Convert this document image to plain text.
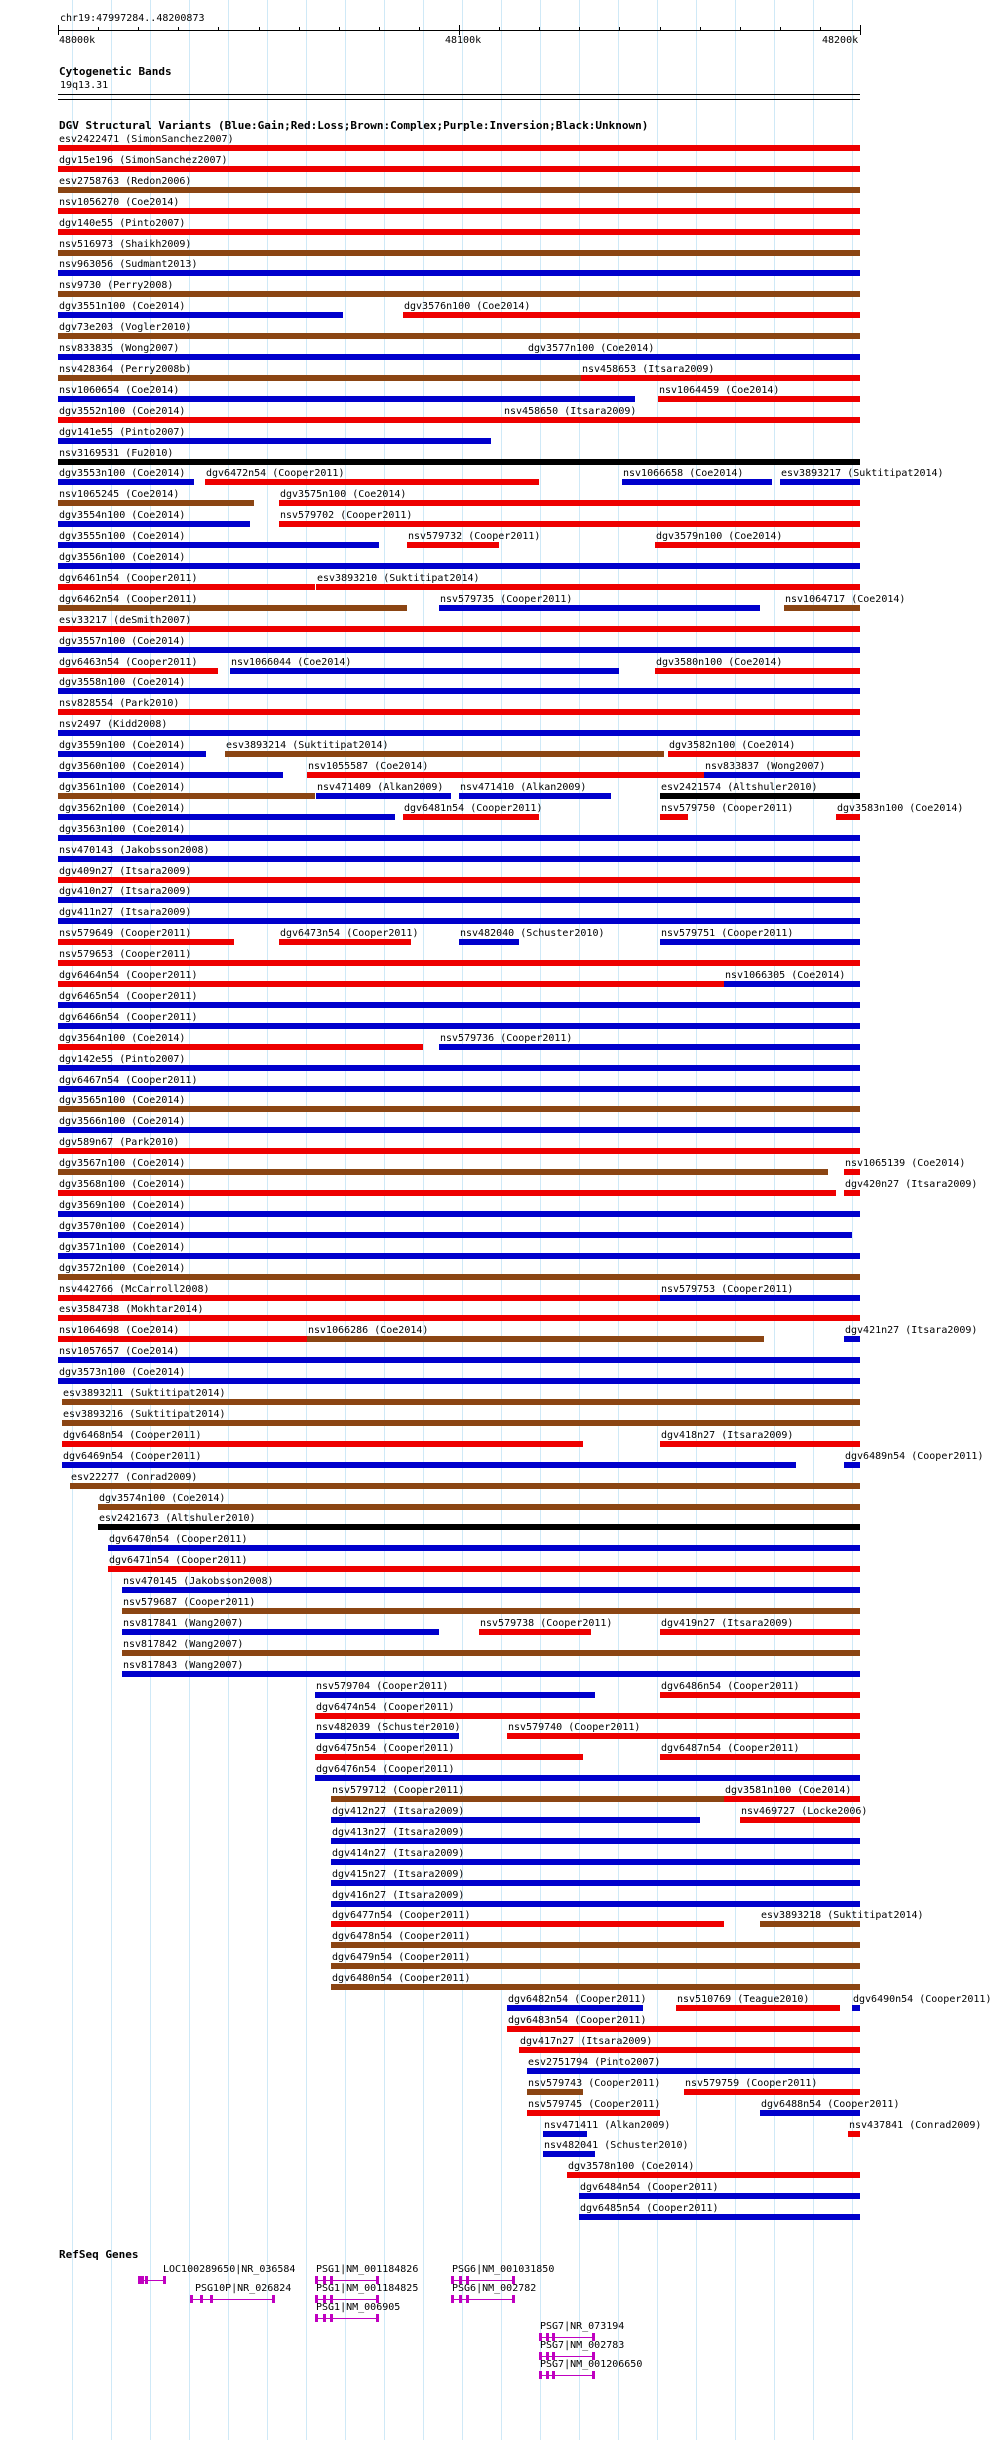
chr19:47997284..48200873
48000k	48100k	48200k
Cytogenetic Bands
19q13.31
DGV Structural Variants (Blue:Gain;Red:Loss;Brown:Complex;Purple:Inversion;Black:Unknown)
esv2422471 (SimonSanchez2007)
dgv15e196 (SimonSanchez2007)
esv2758763 (Redon2006)
nsv1056270 (Coe2014)
dgv140e55 (Pinto2007)
nsv516973 (Shaikh2009)
nsv963056 (Sudmant2013)
nsv9730 (Perry2008)
dgv3551n100 (Coe2014)	dgv3576n100 (Coe2014)
dgv73e203 (Vogler2010)
nsv833835 (Wong2007)	dgv3577n100 (Coe2014)
nsv428364 (Perry2008b)	nsv458653 (Itsara2009)
nsv1060654 (Coe2014)	nsv1064459 (Coe2014)
dgv3552n100 (Coe2014)	nsv458650 (Itsara2009)
dgv141e55 (Pinto2007)
nsv3169531 (Fu2010)
dgv3553n100 (Coe2014) dgv6472n54 (Cooper2011)	nsv1066658 (Coe2014)	esv3893217 (Suktitipat2014)
nsv1065245 (Coe2014)	dgv3575n100 (Coe2014)
dgv3554n100 (Coe2014)	nsv579702 (Cooper2011)
dgv3555n100 (Coe2014)	nsv579732 (Cooper2011)	dgv3579n100 (Coe2014)
dgv3556n100 (Coe2014)
dgv6461n54 (Cooper2011)	esv3893210 (Suktitipat2014)
dgv6462n54 (Cooper2011)	nsv579735 (Cooper2011)	nsv1064717 (Coe2014)
esv33217 (deSmith2007)
dgv3557n100 (Coe2014)
dgv6463n54 (Cooper2011)	nsv1066044 (Coe2014)	dgv3580n100 (Coe2014)
dgv3558n100 (Coe2014)
nsv828554 (Park2010)
nsv2497 (Kidd2008)
dgv3559n100 (Coe2014)	esv3893214 (Suktitipat2014)	dgv3582n100 (Coe2014)
dgv3560n100 (Coe2014)	nsv1055587 (Coe2014)	nsv833837 (Wong2007)
dgv3561n100 (Coe2014)	nsv471409 (Alkan2009) nsv471410 (Alkan2009)	esv2421574 (Altshuler2010)
dgv3562n100 (Coe2014)	dgv6481n54 (Cooper2011)	nsv579750 (Cooper2011)	dgv3583n100 (Coe2014)
dgv3563n100 (Coe2014)
nsv470143 (Jakobsson2008)
dgv409n27 (Itsara2009)
dgv410n27 (Itsara2009)
dgv411n27 (Itsara2009)
nsv579649 (Cooper2011)	dgv6473n54 (Cooper2011)	nsv482040 (Schuster2010)	nsv579751 (Cooper2011)
nsv579653 (Cooper2011)
dgv6464n54 (Cooper2011)	nsv1066305 (Coe2014)
dgv6465n54 (Cooper2011)
dgv6466n54 (Cooper2011)
dgv3564n100 (Coe2014)	nsv579736 (Cooper2011)
dgv142e55 (Pinto2007)
dgv6467n54 (Cooper2011)
dgv3565n100 (Coe2014)
dgv3566n100 (Coe2014)
dgv589n67 (Park2010)
dgv3567n100 (Coe2014)	nsv1065139 (Coe2014)
dgv3568n100 (Coe2014)	dgv420n27 (Itsara2009)
dgv3569n100 (Coe2014)
dgv3570n100 (Coe2014)
dgv3571n100 (Coe2014)
dgv3572n100 (Coe2014)
nsv442766 (McCarroll2008)	nsv579753 (Cooper2011)
esv3584738 (Mokhtar2014)
nsv1064698 (Coe2014)	nsv1066286 (Coe2014)	dgv421n27 (Itsara2009)
nsv1057657 (Coe2014)
dgv3573n100 (Coe2014)
esv3893211 (Suktitipat2014)
esv3893216 (Suktitipat2014)
dgv6468n54 (Cooper2011)	dgv418n27 (Itsara2009)
dgv6469n54 (Cooper2011)	dgv6489n54 (Cooper2011)
esv22277 (Conrad2009)
dgv3574n100 (Coe2014)
esv2421673 (Altshuler2010)
dgv6470n54 (Cooper2011)
dgv6471n54 (Cooper2011)
nsv470145 (Jakobsson2008)
nsv579687 (Cooper2011)
nsv817841 (Wang2007)	nsv579738 (Cooper2011)	dgv419n27 (Itsara2009)
nsv817842 (Wang2007)
nsv817843 (Wang2007)
nsv579704 (Cooper2011)	dgv6486n54 (Cooper2011)
dgv6474n54 (Cooper2011)
nsv482039 (Schuster2010)	nsv579740 (Cooper2011)
dgv6475n54 (Cooper2011)	dgv6487n54 (Cooper2011)
dgv6476n54 (Cooper2011)
nsv579712 (Cooper2011)	dgv3581n100 (Coe2014)
dgv412n27 (Itsara2009)	nsv469727 (Locke2006)
dgv413n27 (Itsara2009)
dgv414n27 (Itsara2009)
dgv415n27 (Itsara2009)
dgv416n27 (Itsara2009)
dgv6477n54 (Cooper2011)	esv3893218 (Suktitipat2014)
dgv6478n54 (Cooper2011)
dgv6479n54 (Cooper2011)
dgv6480n54 (Cooper2011)
dgv6482n54 (Cooper2011)	nsv510769 (Teague2010)	dgv6490n54 (Cooper2011)
dgv6483n54 (Cooper2011)
dgv417n27 (Itsara2009)
esv2751794 (Pinto2007)
nsv579743 (Cooper2011) nsv579759 (Cooper2011)
nsv579745 (Cooper2011)	dgv6488n54 (Cooper2011)
nsv471411 (Alkan2009)	nsv437841 (Conrad2009)
nsv482041 (Schuster2010)
dgv3578n100 (Coe2014)
dgv6484n54 (Cooper2011)
dgv6485n54 (Cooper2011)
RefSeq Genes
LOC100289650|NR_036584 PSG1|NM_001184826	PSG6|NM_001031850
PSG10P|NR_026824 PSG1|NM_001184825	PSG6|NM_002782
PSG1|NM_006905
PSG7|NR_073194
PSG7|NM_002783
PSG7|NM_001206650
